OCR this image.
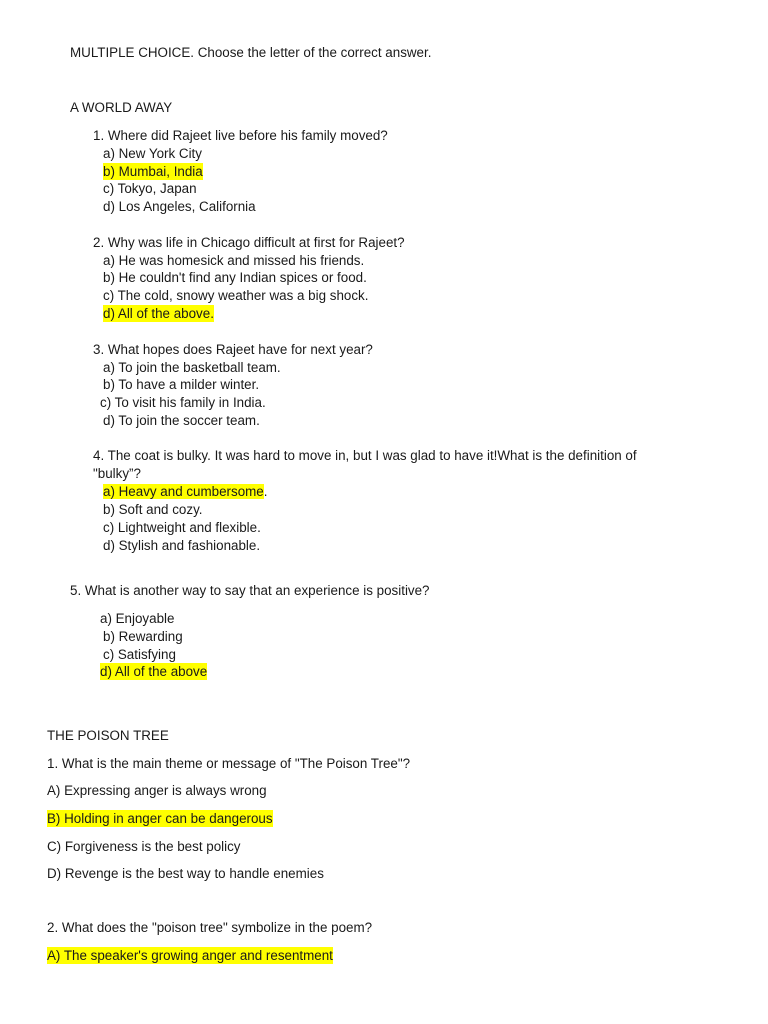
MULTIPLE CHOICE. Choose the letter of the correct answer.
A WORLD AWAY
1. Where did Rajeet live before his family moved?
a) New York City
b) Mumbai, India
c) Tokyo, Japan
d) Los Angeles, California
2. Why was life in Chicago difficult at first for Rajeet?
a) He was homesick and missed his friends.
b) He couldn't find any Indian spices or food.
c) The cold, snowy weather was a big shock.
d) All of the above.
3. What hopes does Rajeet have for next year?
a) To join the basketball team.
b) To have a milder winter.
c) To visit his family in India.
d) To join the soccer team.
4. The coat is bulky. It was hard to move in, but I was glad to have it!What is the definition of
"bulky”?
a) Heavy and cumbersome.
b) Soft and cozy.
c) Lightweight and flexible.
d) Stylish and fashionable.
5. What is another way to say that an experience is positive?
a) Enjoyable
b) Rewarding
c) Satisfying
d) All of the above
THE POISON TREE
1. What is the main theme or message of "The Poison Tree"?
A) Expressing anger is always wrong
B) Holding in anger can be dangerous
C) Forgiveness is the best policy
D) Revenge is the best way to handle enemies
2. What does the "poison tree" symbolize in the poem?
A) The speaker's growing anger and resentment
